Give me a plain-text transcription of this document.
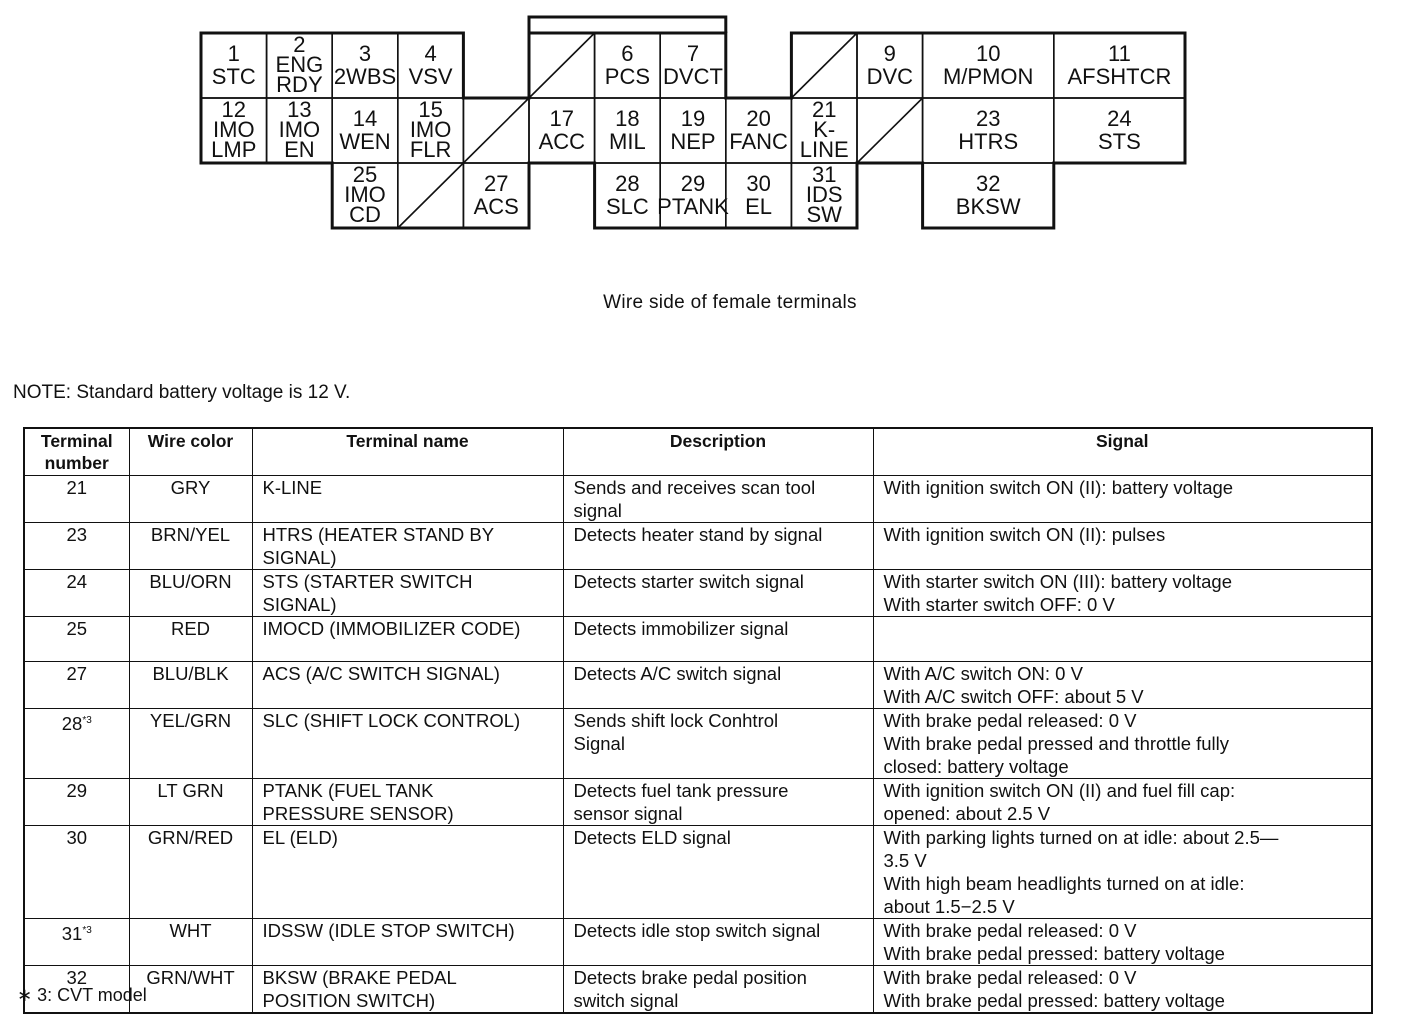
1
STC
2
ENG
RDY
3
2WBS
4
VSV
6
PCS
7
DVCT
9
DVC
10
M/PMON
11
AFSHTCR
12
IMO
LMP
13
IMO
EN
14
WEN
15
IMO
FLR
17
ACC
18
MIL
19
NEP
20
FANC
21
K-
LINE
23
HTRS
24
STS
25
IMO
CD
27
ACS
28
SLC
29
PTANK
30
EL
31
IDS
SW
32
BKSW
Wire side of female terminals
NOTE: Standard battery voltage is 12 V.
Terminal
number	Wire color	Terminal name	Description	Signal
21	GRY	K-LINE	Sends and receives scan tool
signal	With ignition switch ON (II): battery voltage

23	BRN/YEL	HTRS (HEATER STAND BY
SIGNAL)	Detects heater stand by signal	With ignition switch ON (II): pulses

24	BLU/ORN	STS (STARTER SWITCH
SIGNAL)	Detects starter switch signal	With starter switch ON (III): battery voltage
With starter switch OFF: 0 V

25	RED	IMOCD (IMMOBILIZER CODE)	Detects immobilizer signal	

27	BLU/BLK	ACS (A/C SWITCH SIGNAL)	Detects A/C switch signal	With A/C switch ON: 0 V
With A/C switch OFF: about 5 V

28$^{*3}$	YEL/GRN	SLC (SHIFT LOCK CONTROL)	Sends shift lock Conhtrol
Signal	With brake pedal released: 0 V
With brake pedal pressed and throttle fully
closed: battery voltage

29	LT GRN	PTANK (FUEL TANK
PRESSURE SENSOR)	Detects fuel tank pressure
sensor signal	With ignition switch ON (II) and fuel fill cap:
opened: about 2.5 V

30	GRN/RED	EL (ELD)	Detects ELD signal	With parking lights turned on at idle: about 2.5—
3.5 V
With high beam headlights turned on at idle:
about 1.5−2.5 V

31$^{*3}$	WHT	IDSSW (IDLE STOP SWITCH)	Detects idle stop switch signal	With brake pedal released: 0 V
With brake pedal pressed: battery voltage

32	GRN/WHT	BKSW (BRAKE PEDAL
POSITION SWITCH)	Detects brake pedal position
switch signal	With brake pedal released: 0 V
With brake pedal pressed: battery voltage
∗ 3: CVT model
